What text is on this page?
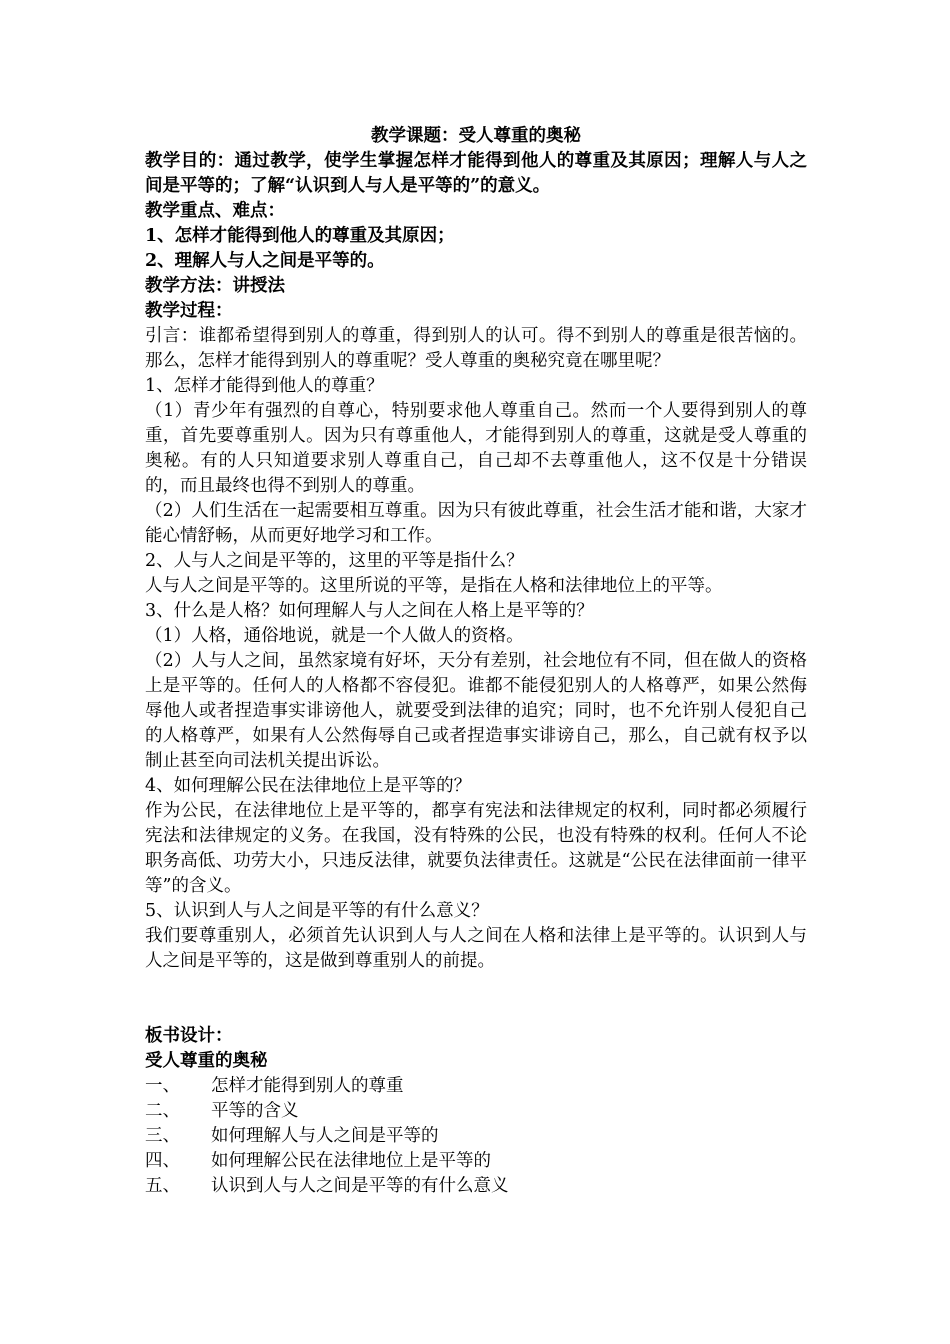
教学课题：受人尊重的奥秘

教学目的：通过教学，使学生掌握怎样才能得到他人的尊重及其原因；理解人与人之间是平等的；了解“认识到人与人是平等的”的意义。

教学重点、难点：

1、怎样才能得到他人的尊重及其原因；

2、理解人与人之间是平等的。

教学方法：讲授法

教学过程：

引言：谁都希望得到别人的尊重，得到别人的认可。得不到别人的尊重是很苦恼的。那么，怎样才能得到别人的尊重呢？受人尊重的奥秘究竟在哪里呢？

1、怎样才能得到他人的尊重？

（1）青少年有强烈的自尊心，特别要求他人尊重自己。然而一个人要得到别人的尊重，首先要尊重别人。因为只有尊重他人，才能得到别人的尊重，这就是受人尊重的奥秘。有的人只知道要求别人尊重自己，自己却不去尊重他人，这不仅是十分错误的，而且最终也得不到别人的尊重。

（2）人们生活在一起需要相互尊重。因为只有彼此尊重，社会生活才能和谐，大家才能心情舒畅，从而更好地学习和工作。

2、人与人之间是平等的，这里的平等是指什么？

人与人之间是平等的。这里所说的平等，是指在人格和法律地位上的平等。

3、什么是人格？如何理解人与人之间在人格上是平等的？

（1）人格，通俗地说，就是一个人做人的资格。

（2）人与人之间，虽然家境有好坏，天分有差别，社会地位有不同，但在做人的资格上是平等的。任何人的人格都不容侵犯。谁都不能侵犯别人的人格尊严，如果公然侮辱他人或者捏造事实诽谤他人，就要受到法律的追究；同时，也不允许别人侵犯自己的人格尊严，如果有人公然侮辱自己或者捏造事实诽谤自己，那么，自己就有权予以制止甚至向司法机关提出诉讼。

4、如何理解公民在法律地位上是平等的？

作为公民，在法律地位上是平等的，都享有宪法和法律规定的权利，同时都必须履行宪法和法律规定的义务。在我国，没有特殊的公民，也没有特殊的权利。任何人不论职务高低、功劳大小，只违反法律，就要负法律责任。这就是“公民在法律面前一律平等”的含义。

5、认识到人与人之间是平等的有什么意义？

我们要尊重别人，必须首先认识到人与人之间在人格和法律上是平等的。认识到人与人之间是平等的，这是做到尊重别人的前提。

板书设计：

受人尊重的奥秘

一、	怎样才能得到别人的尊重
二、	平等的含义
三、	如何理解人与人之间是平等的
四、	如何理解公民在法律地位上是平等的
五、	认识到人与人之间是平等的有什么意义
